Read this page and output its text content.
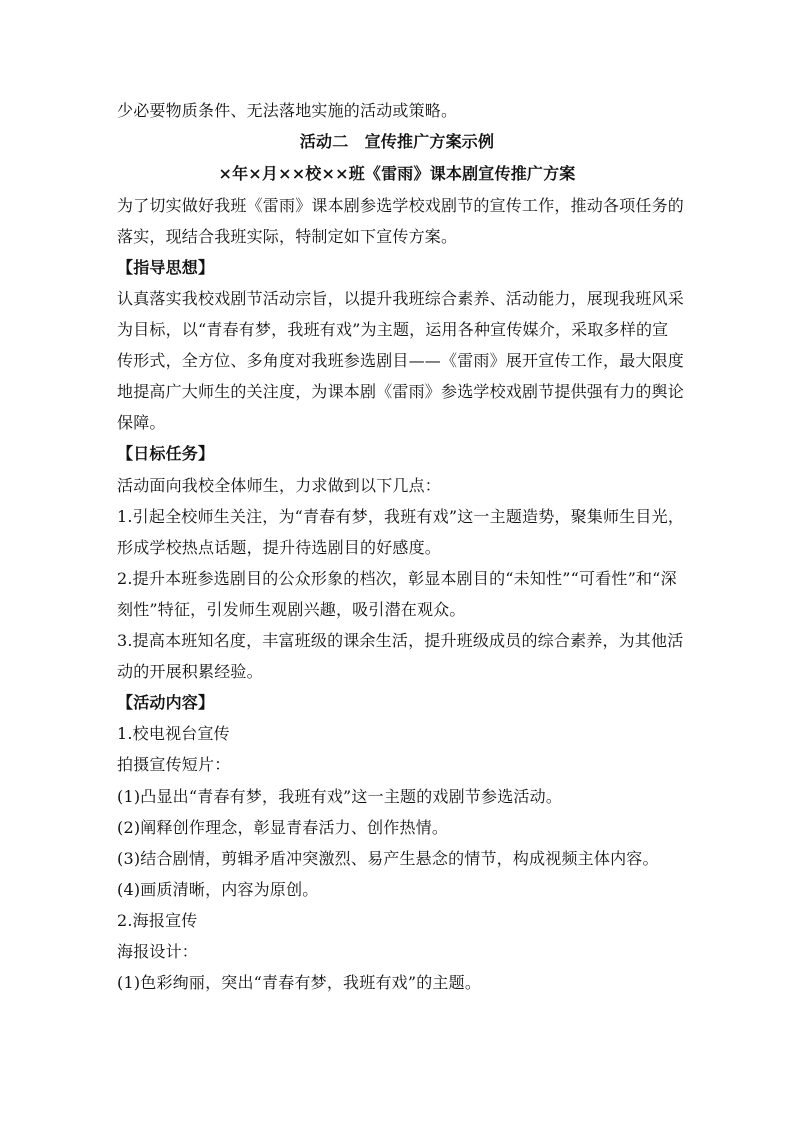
少必要物质条件、无法落地实施的活动或策略。
活动二　宣传推广方案示例
×年×月××校××班《雷雨》课本剧宣传推广方案
为了切实做好我班《雷雨》课本剧参选学校戏剧节的宣传工作，推动各项任务的
落实，现结合我班实际，特制定如下宣传方案。
【指导思想】
认真落实我校戏剧节活动宗旨，以提升我班综合素养、活动能力，展现我班风采
为目标，以“青春有梦，我班有戏”为主题，运用各种宣传媒介，采取多样的宣
传形式，全方位、多角度对我班参选剧目——《雷雨》展开宣传工作，最大限度
地提高广大师生的关注度，为课本剧《雷雨》参选学校戏剧节提供强有力的舆论
保障。
【日标任务】
活动面向我校全体师生，力求做到以下几点：
1.引起全校师生关注，为“青春有梦，我班有戏”这一主题造势，聚集师生目光，
形成学校热点话题，提升待选剧目的好感度。
2.提升本班参选剧目的公众形象的档次，彰显本剧目的“未知性”“可看性”和“深
刻性”特征，引发师生观剧兴趣，吸引潜在观众。
3.提高本班知名度，丰富班级的课余生活，提升班级成员的综合素养，为其他活
动的开展积累经验。
【活动内容】
1.校电视台宣传
拍摄宣传短片：
(1)凸显出“青春有梦，我班有戏”这一主题的戏剧节参选活动。
(2)阐释创作理念，彰显青春活力、创作热情。
(3)结合剧情，剪辑矛盾冲突激烈、易产生悬念的情节，构成视频主体内容。
(4)画质清晰，内容为原创。
2.海报宣传
海报设计：
(1)色彩绚丽，突出“青春有梦，我班有戏”的主题。
